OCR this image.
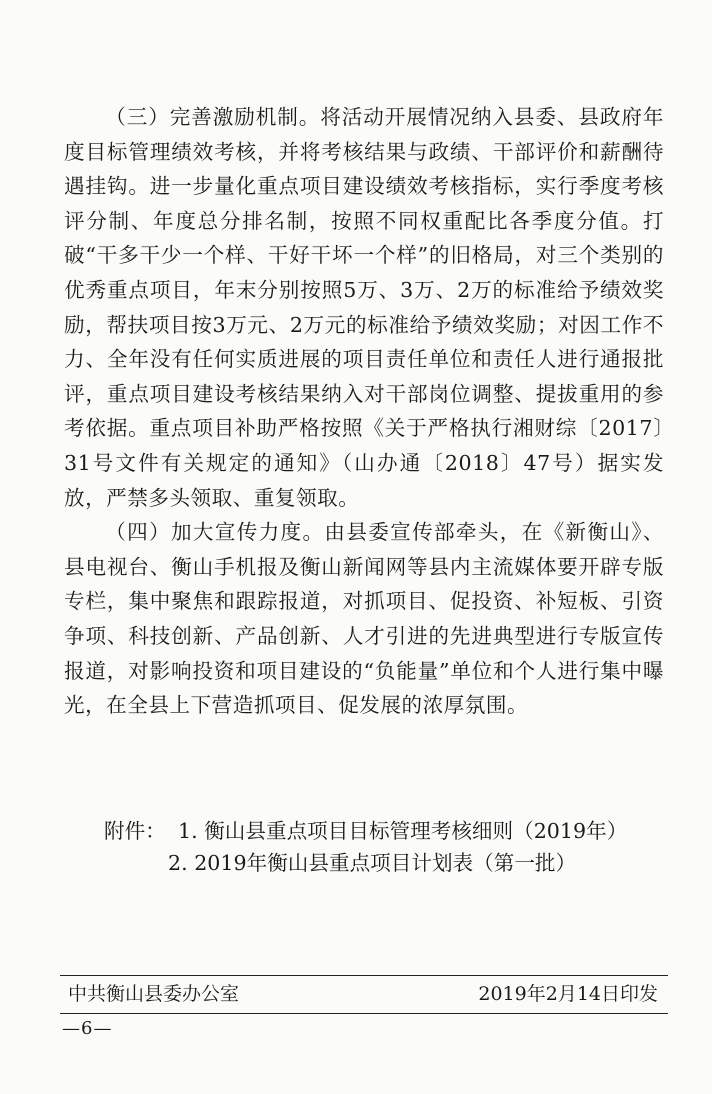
（三）完善激励机制。将活动开展情况纳入县委、县政府年度目标管理绩效考核，并将考核结果与政绩、干部评价和薪酬待遇挂钩。进一步量化重点项目建设绩效考核指标，实行季度考核评分制、年度总分排名制，按照不同权重配比各季度分值。打破“干多干少一个样、干好干坏一个样”的旧格局，对三个类别的优秀重点项目，年末分别按照5万、3万、2万的标准给予绩效奖励，帮扶项目按3万元、2万元的标准给予绩效奖励；对因工作不力、全年没有任何实质进展的项目责任单位和责任人进行通报批评，重点项目建设考核结果纳入对干部岗位调整、提拔重用的参考依据。重点项目补助严格按照《关于严格执行湘财综〔2017〕31号文件有关规定的通知》（山办通〔2018〕47号）据实发放，严禁多头领取、重复领取。

（四）加大宣传力度。由县委宣传部牵头，在《新衡山》、县电视台、衡山手机报及衡山新闻网等县内主流媒体要开辟专版专栏，集中聚焦和跟踪报道，对抓项目、促投资、补短板、引资争项、科技创新、产品创新、人才引进的先进典型进行专版宣传报道，对影响投资和项目建设的“负能量”单位和个人进行集中曝光，在全县上下营造抓项目、促发展的浓厚氛围。

附件： 1. 衡山县重点项目目标管理考核细则（2019年）
2. 2019年衡山县重点项目计划表（第一批）
中共衡山县委办公室	2019年2月14日印发
—6—
